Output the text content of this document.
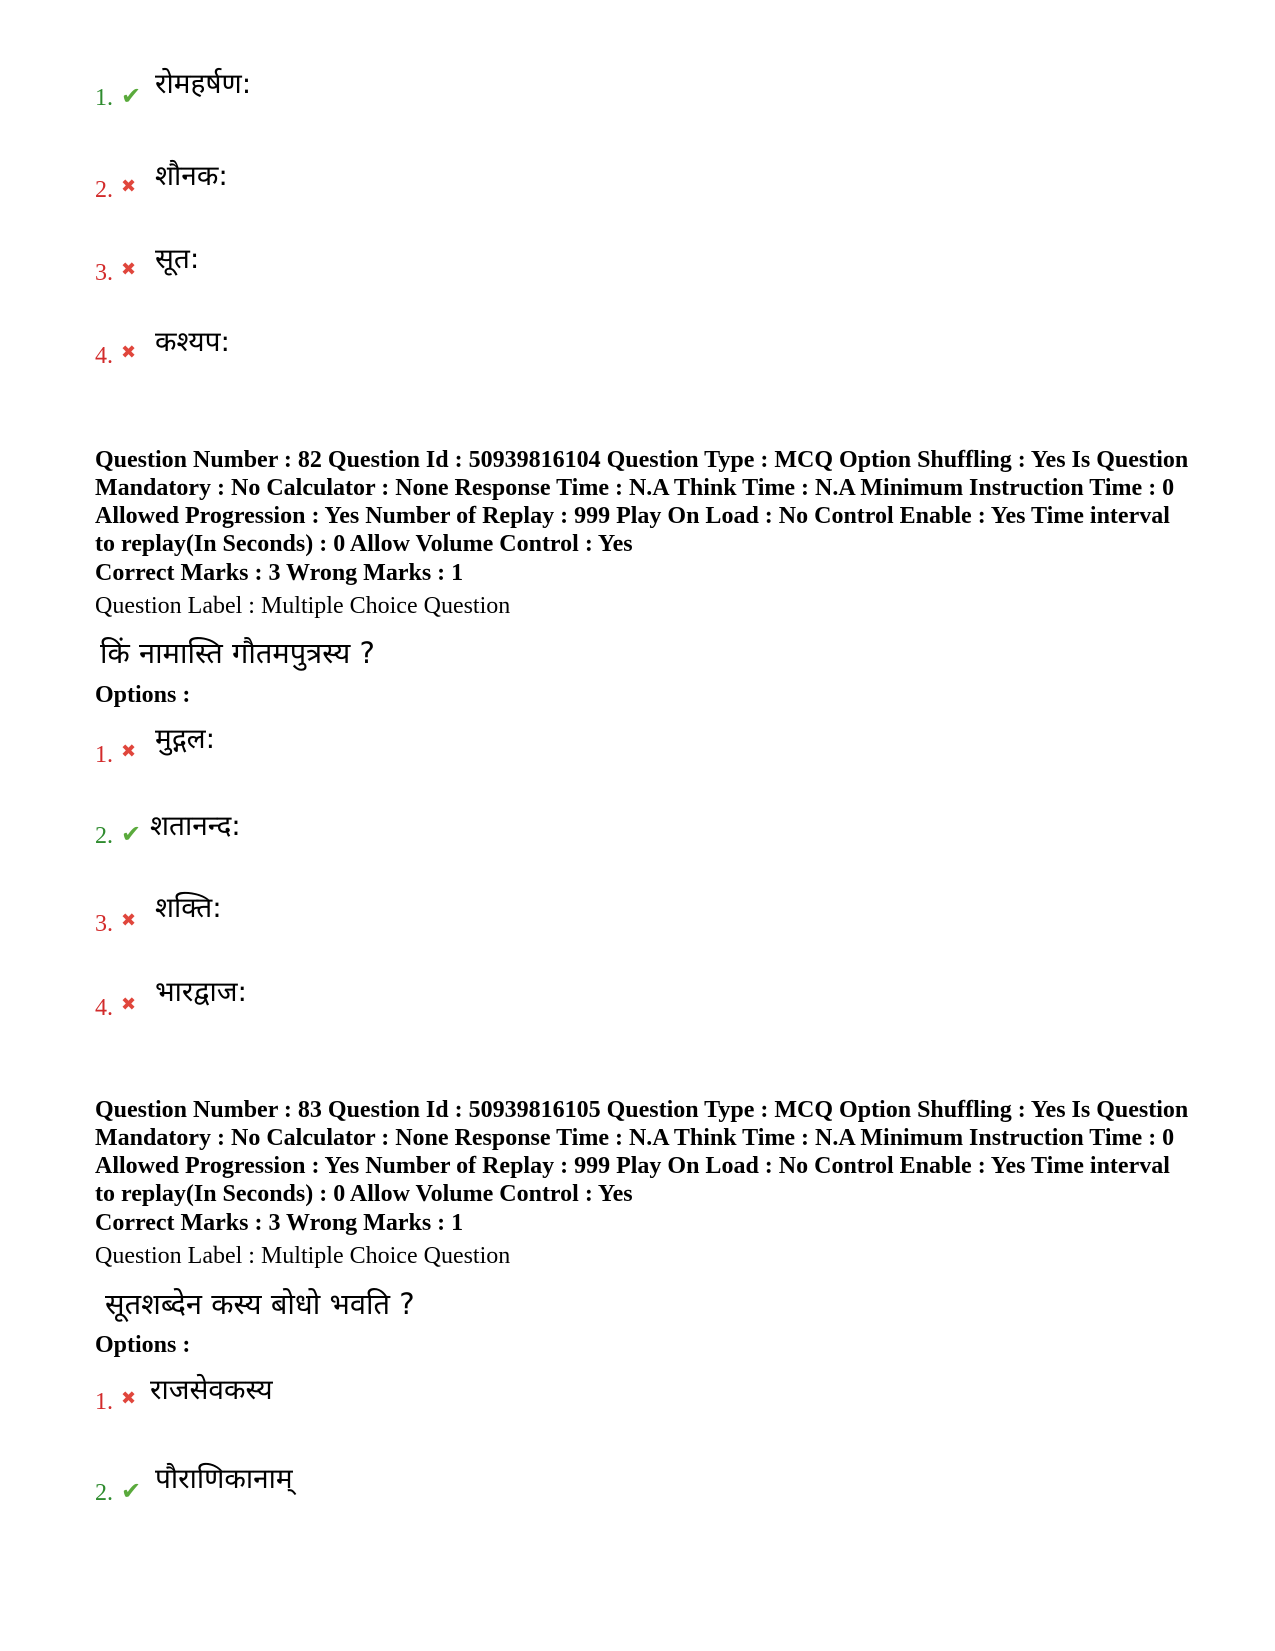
1. ✔ रोमहर्षण:
2. ✖ शौनक:
3. ✖ सूत:
4. ✖ कश्यप:
Question Number : 82 Question Id : 50939816104 Question Type : MCQ Option Shuffling : Yes Is Question Mandatory : No Calculator : None Response Time : N.A Think Time : N.A Minimum Instruction Time : 0 Allowed Progression : Yes Number of Replay : 999 Play On Load : No Control Enable : Yes Time interval to replay(In Seconds) : 0 Allow Volume Control : Yes
Correct Marks : 3 Wrong Marks : 1
Question Label : Multiple Choice Question
किं नामास्ति गौतमपुत्रस्य ?
Options :
1. ✖ मुद्गल:
2. ✔ शतानन्द:
3. ✖ शक्ति:
4. ✖ भारद्वाज:
Question Number : 83 Question Id : 50939816105 Question Type : MCQ Option Shuffling : Yes Is Question Mandatory : No Calculator : None Response Time : N.A Think Time : N.A Minimum Instruction Time : 0 Allowed Progression : Yes Number of Replay : 999 Play On Load : No Control Enable : Yes Time interval to replay(In Seconds) : 0 Allow Volume Control : Yes
Correct Marks : 3 Wrong Marks : 1
Question Label : Multiple Choice Question
सूतशब्देन कस्य बोधो भवति ?
Options :
1. ✖ राजसेवकस्य
2. ✔ पौराणिकानाम्
